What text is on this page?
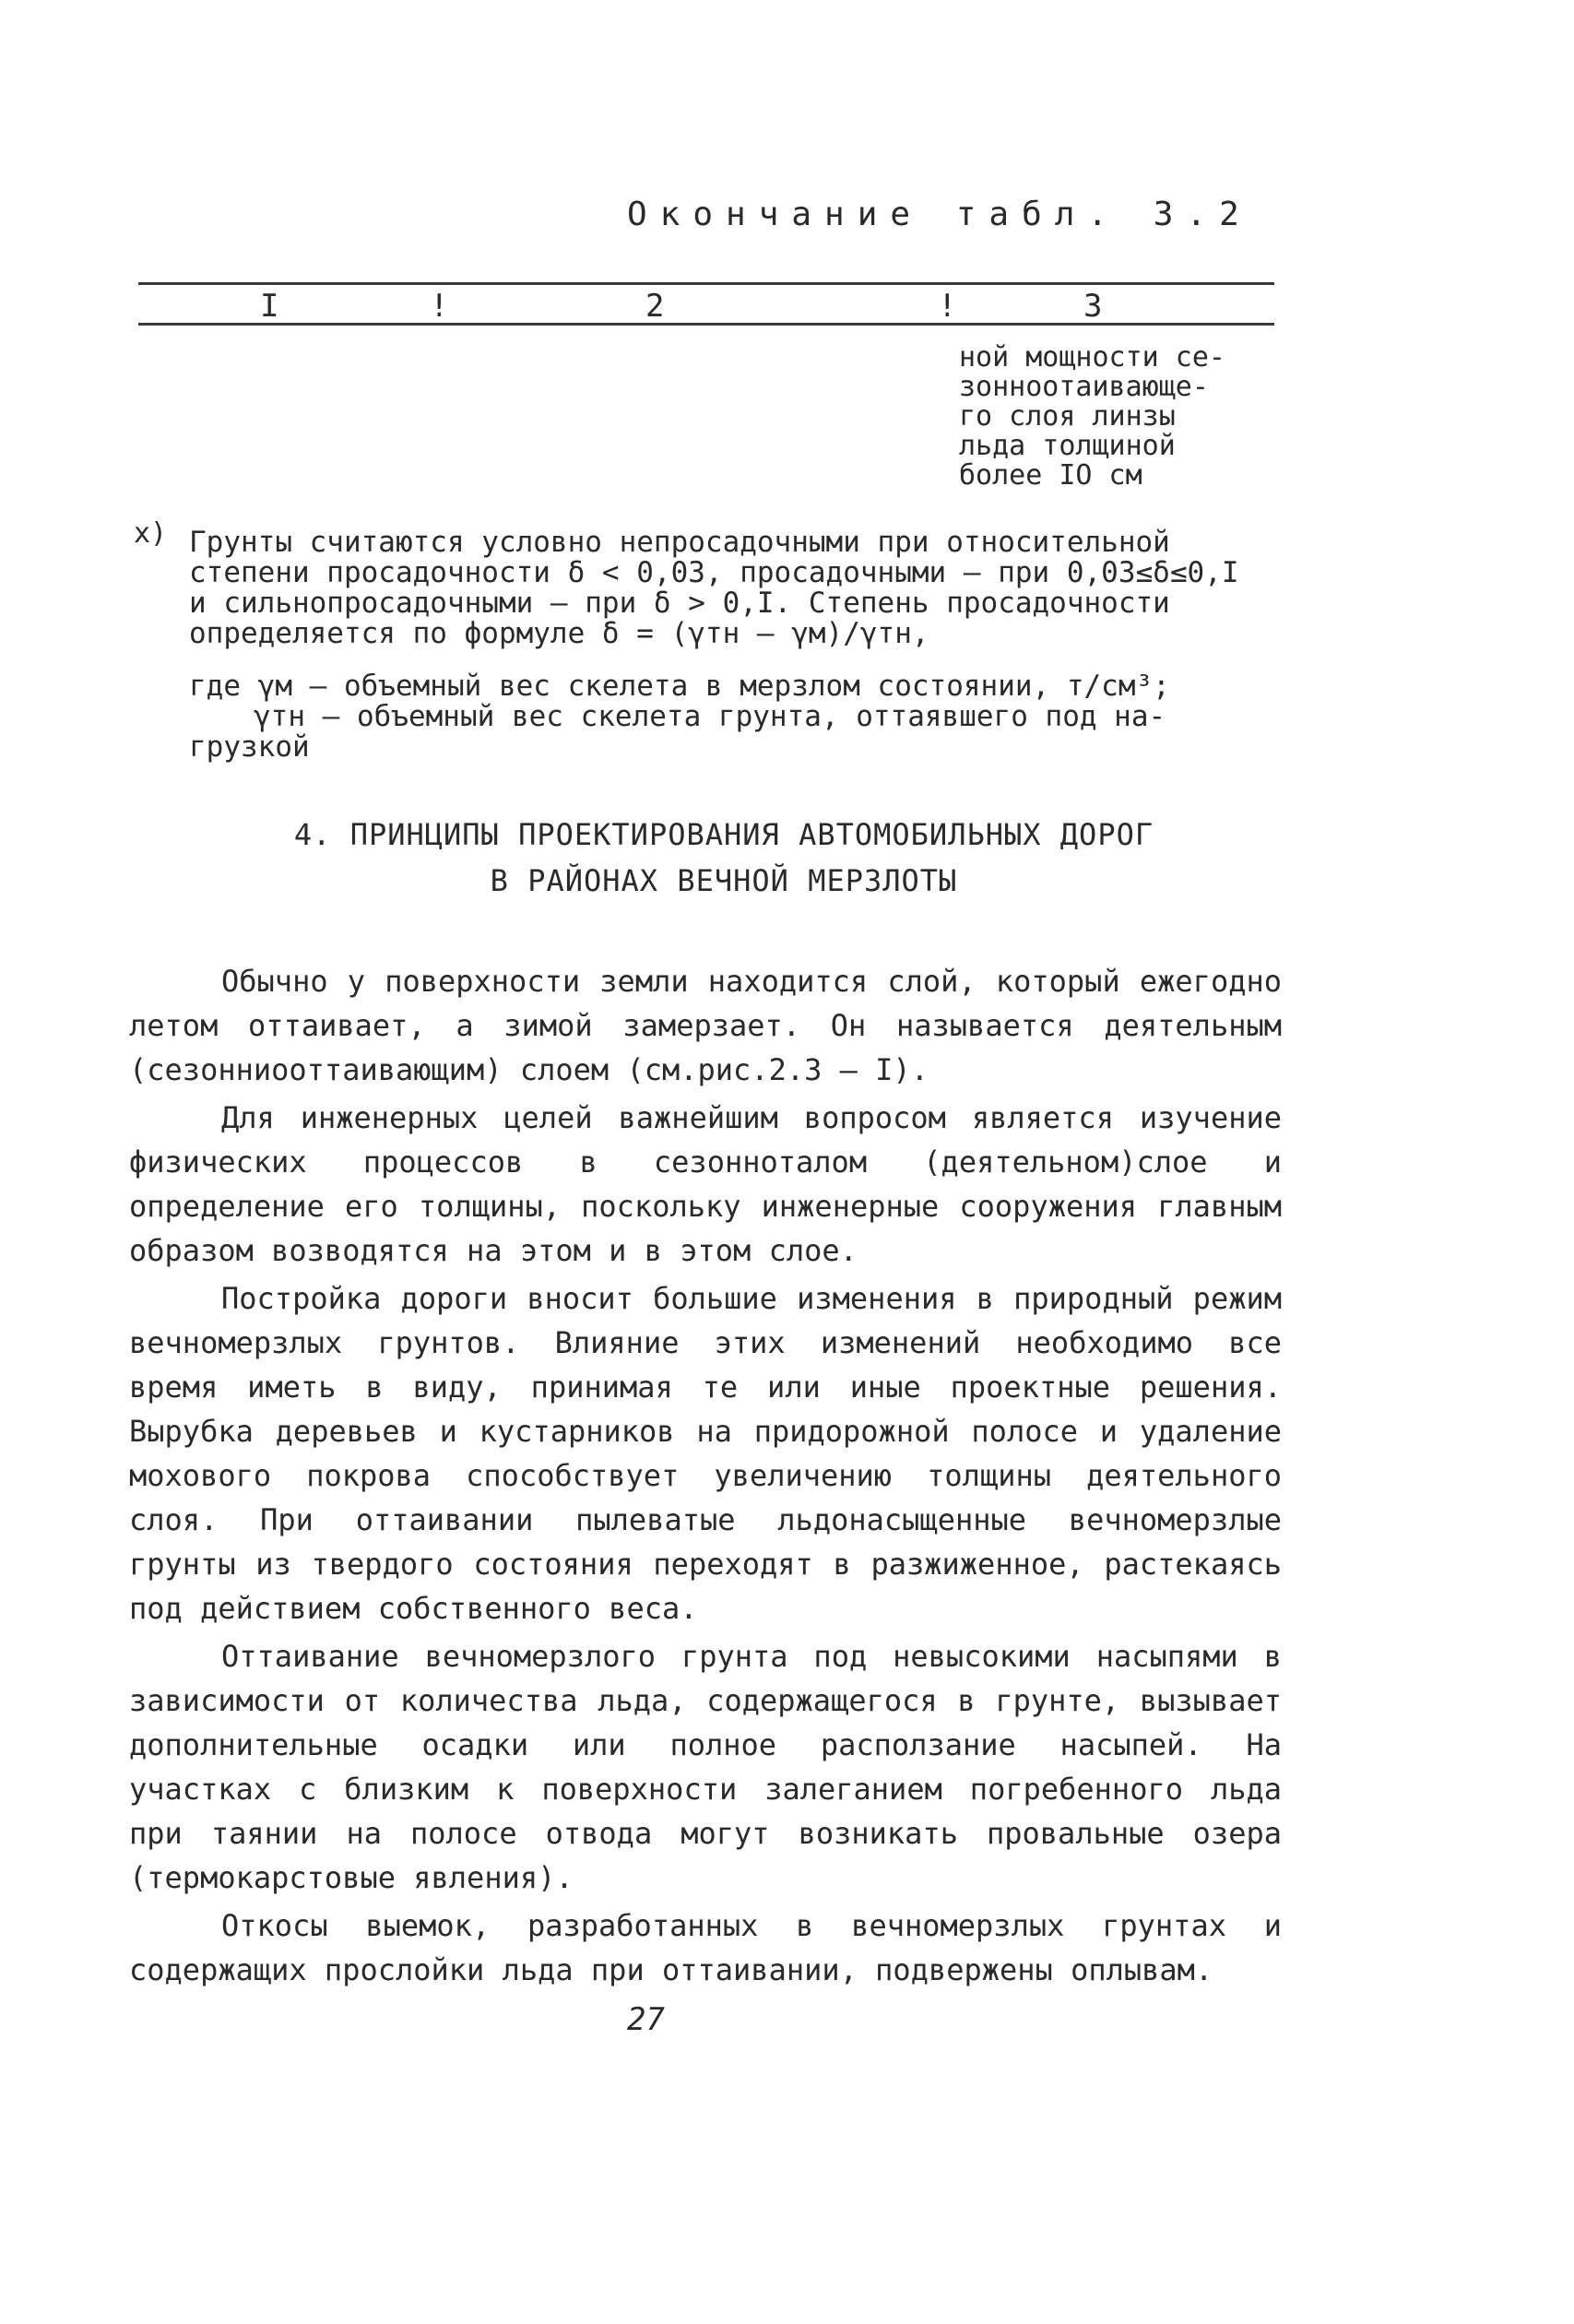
Окончание табл. 3.2
I	!	2	!	3
ной мощности се-
зонноотаивающе-
го слоя линзы
льда толщиной
более IO см
х) Грунты считаются условно непросадочными при относительной

степени просадочности δ < 0,03, просадочными – при 0,03≤δ≤0,I

и сильнопросадочными – при δ > 0,I. Степень просадочности

определяется по формуле δ = (γтн – γм)/γтн,

где γм – объемный вес скелета в мерзлом состоянии, т/см³;

γтн – объемный вес скелета грунта, оттаявшего под на-

грузкой

4. ПРИНЦИПЫ ПРОЕКТИРОВАНИЯ АВТОМОБИЛЬНЫХ ДОРОГ

В РАЙОНАХ ВЕЧНОЙ МЕРЗЛОТЫ

Обычно у поверхности земли находится слой, который ежегодно летом оттаивает, а зимой замерзает. Он называется деятельным (сезонниооттаивающим) слоем (см.рис.2.3 – I).

Для инженерных целей важнейшим вопросом является изучение физических процессов в сезонноталом (деятельном)слое и определение его толщины, поскольку инженерные сооружения главным образом возводятся на этом и в этом слое.

Постройка дороги вносит большие изменения в природный режим вечномерзлых грунтов. Влияние этих изменений необходимо все время иметь в виду, принимая те или иные проектные решения. Вырубка деревьев и кустарников на придорожной полосе и удаление мохового покрова способствует увеличению толщины деятельного слоя. При оттаивании пылеватые льдонасыщенные вечномерзлые грунты из твердого состояния переходят в разжиженное, растекаясь под действием собственного веса.

Оттаивание вечномерзлого грунта под невысокими насыпями в зависимости от количества льда, содержащегося в грунте, вызывает дополнительные осадки или полное расползание насыпей. На участках с близким к поверхности залеганием погребенного льда при таянии на полосе отвода могут возникать провальные озера (термокарстовые явления).

Откосы выемок, разработанных в вечномерзлых грунтах и содержащих прослойки льда при оттаивании, подвержены оплывам.

27
